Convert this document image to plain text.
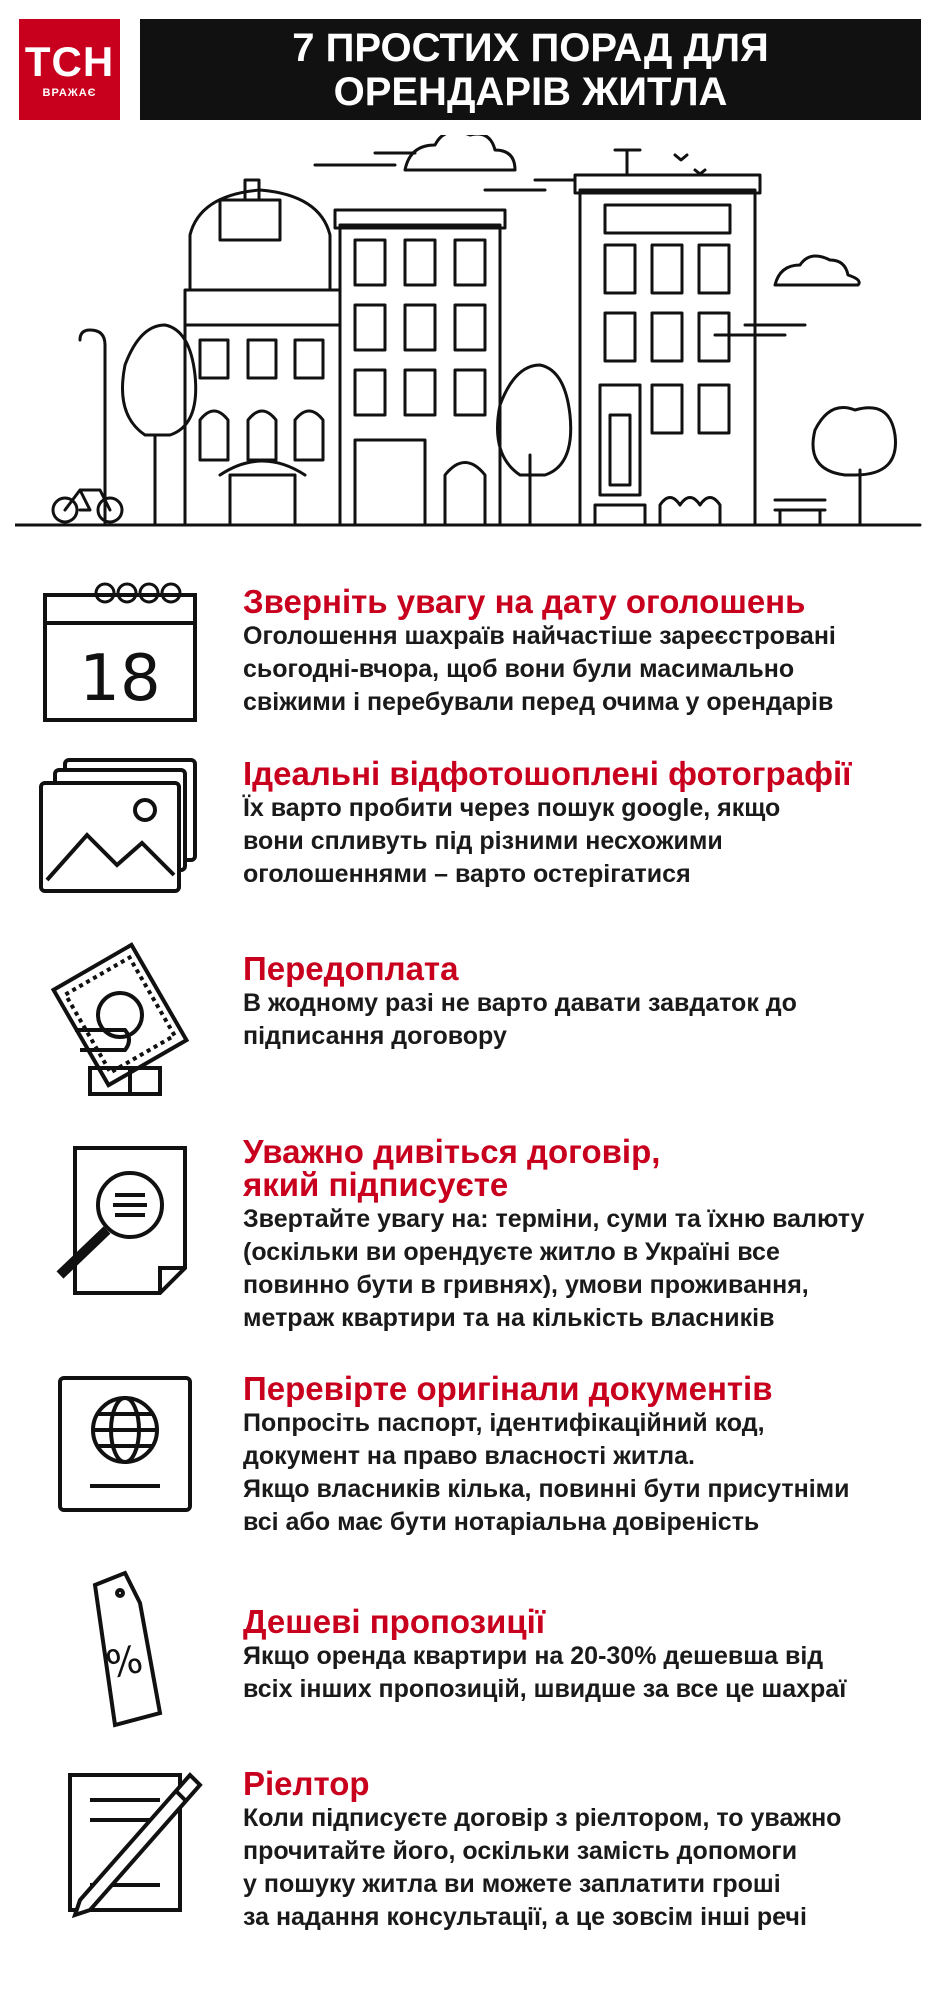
ТСН
ВРАЖАЄ
7 ПРОСТИХ ПОРАД ДЛЯ
ОРЕНДАРІВ ЖИТЛА
18
Зверніть увагу на дату оголошень
Оголошення шахраїв найчастіше зареєстровані
сьогодні-вчора, щоб вони були масимально
свіжими і перебували перед очима у орендарів
Ідеальні відфотошоплені фотографії
Їх варто пробити через пошук google, якщо
вони спливуть під різними несхожими
оголошеннями – варто остерігатися
Передоплата
В жодному разі не варто давати завдаток до
підписання договору
Уважно дивіться договір,
який підписуєте
Звертайте увагу на: терміни, суми та їхню валюту
(оскільки ви орендуєте житло в Україні все
повинно бути в гривнях), умови проживання,
метраж квартири та на кількість власників
Перевірте оригінали документів
Попросіть паспорт, ідентифікаційний код,
документ на право власності житла.
Якщо власників кілька, повинні бути присутніми
всі або має бути нотаріальна довіреність
%
Дешеві пропозиції
Якщо оренда квартири на 20-30% дешевша від
всіх інших пропозицій, швидше за все це шахраї
Ріелтор
Коли підписуєте договір з ріелтором, то уважно
прочитайте його, оскільки замість допомоги
у пошуку житла ви можете заплатити гроші
за надання консультації, а це зовсім інші речі
